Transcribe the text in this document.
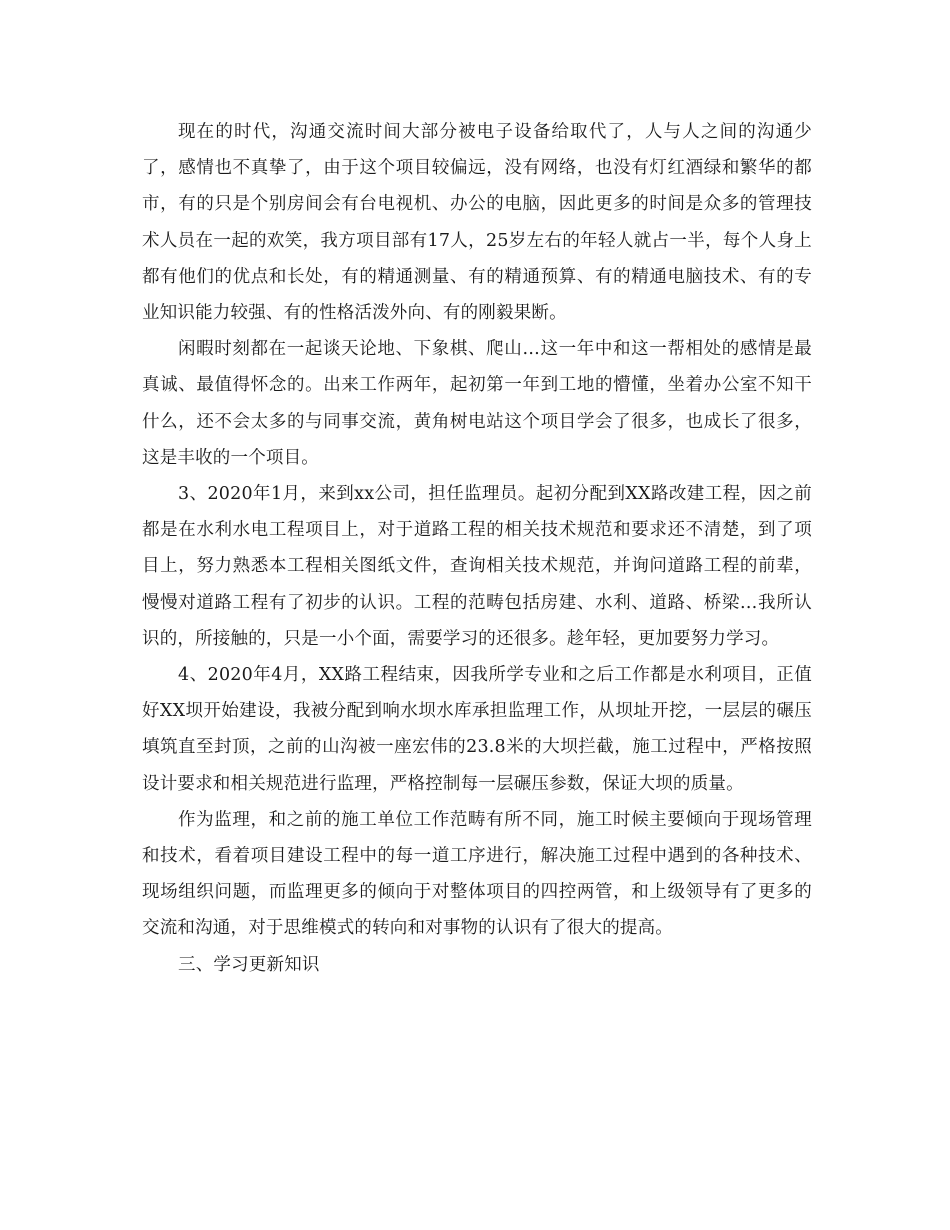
现在的时代，沟通交流时间大部分被电子设备给取代了，人与人之间的沟通少了，感情也不真挚了，由于这个项目较偏远，没有网络，也没有灯红酒绿和繁华的都市，有的只是个别房间会有台电视机、办公的电脑，因此更多的时间是众多的管理技术人员在一起的欢笑，我方项目部有17人，25岁左右的年轻人就占一半，每个人身上都有他们的优点和长处，有的精通测量、有的精通预算、有的精通电脑技术、有的专业知识能力较强、有的性格活泼外向、有的刚毅果断。

闲暇时刻都在一起谈天论地、下象棋、爬山…这一年中和这一帮相处的感情是最真诚、最值得怀念的。出来工作两年，起初第一年到工地的懵懂，坐着办公室不知干什么，还不会太多的与同事交流，黄角树电站这个项目学会了很多，也成长了很多，这是丰收的一个项目。

3、2020年1月，来到xx公司，担任监理员。起初分配到XX路改建工程，因之前都是在水利水电工程项目上，对于道路工程的相关技术规范和要求还不清楚，到了项目上，努力熟悉本工程相关图纸文件，查询相关技术规范，并询问道路工程的前辈，慢慢对道路工程有了初步的认识。工程的范畴包括房建、水利、道路、桥梁…我所认识的，所接触的，只是一小个面，需要学习的还很多。趁年轻，更加要努力学习。

4、2020年4月，XX路工程结束，因我所学专业和之后工作都是水利项目，正值好XX坝开始建设，我被分配到响水坝水库承担监理工作，从坝址开挖，一层层的碾压填筑直至封顶，之前的山沟被一座宏伟的23.8米的大坝拦截，施工过程中，严格按照设计要求和相关规范进行监理，严格控制每一层碾压参数，保证大坝的质量。

作为监理，和之前的施工单位工作范畴有所不同，施工时候主要倾向于现场管理和技术，看着项目建设工程中的每一道工序进行，解决施工过程中遇到的各种技术、现场组织问题，而监理更多的倾向于对整体项目的四控两管，和上级领导有了更多的交流和沟通，对于思维模式的转向和对事物的认识有了很大的提高。

三、学习更新知识
